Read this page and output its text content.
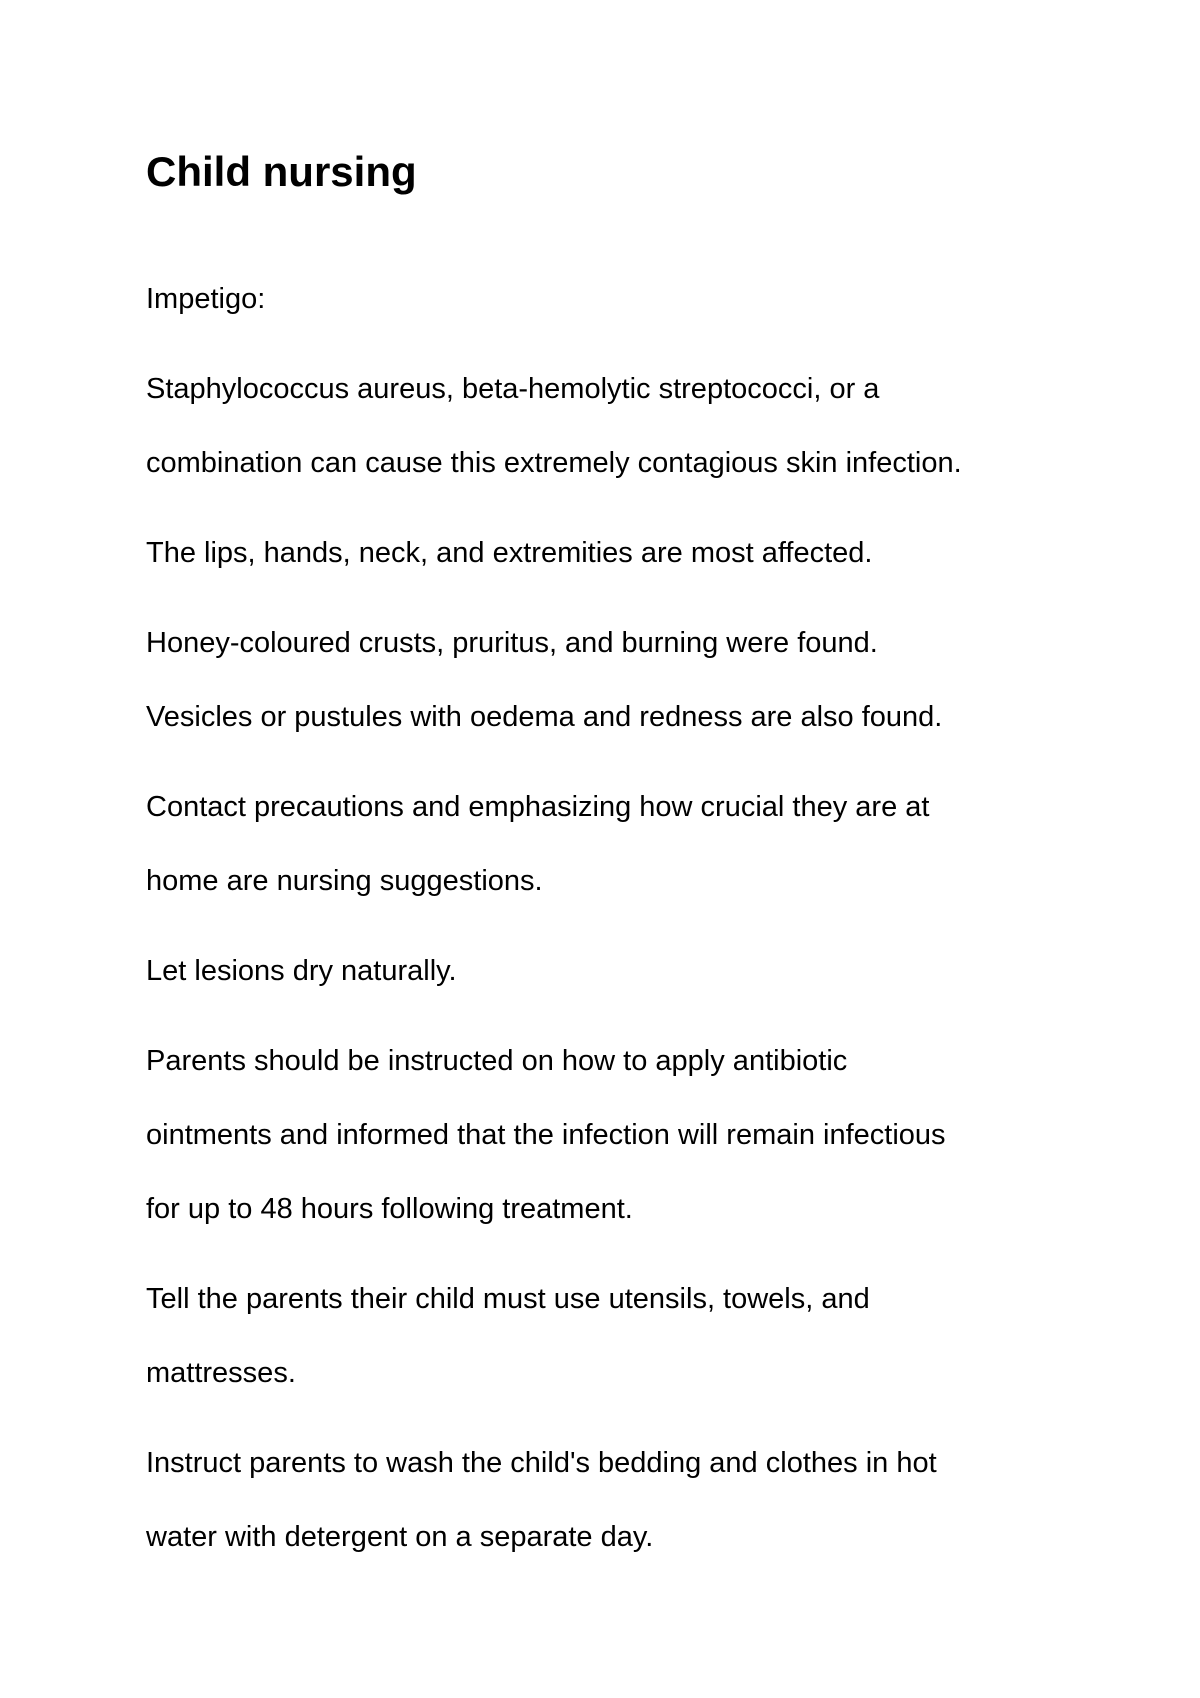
Child nursing

Impetigo:

Staphylococcus aureus, beta-hemolytic streptococci, or a

combination can cause this extremely contagious skin infection.

The lips, hands, neck, and extremities are most affected.

Honey-coloured crusts, pruritus, and burning were found.

Vesicles or pustules with oedema and redness are also found.

Contact precautions and emphasizing how crucial they are at

home are nursing suggestions.

Let lesions dry naturally.

Parents should be instructed on how to apply antibiotic

ointments and informed that the infection will remain infectious

for up to 48 hours following treatment.

Tell the parents their child must use utensils, towels, and

mattresses.

Instruct parents to wash the child's bedding and clothes in hot

water with detergent on a separate day.
